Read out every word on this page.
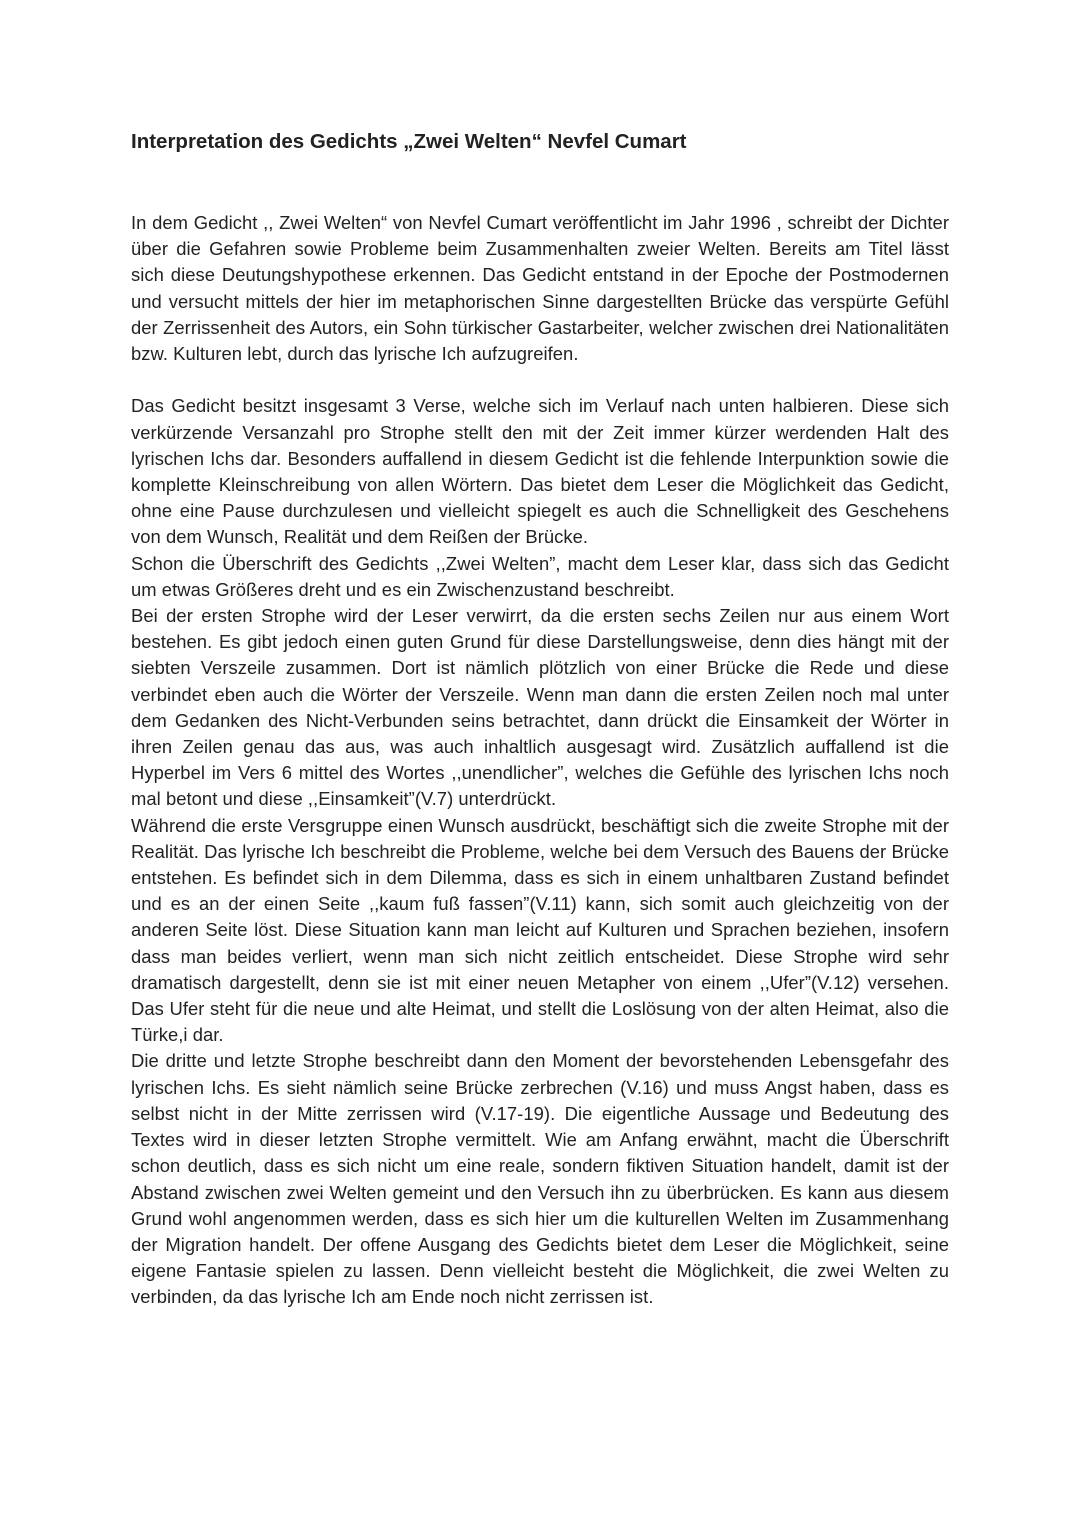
Interpretation des Gedichts „Zwei Welten“ Nevfel Cumart

In dem Gedicht ,, Zwei Welten“ von Nevfel Cumart veröffentlicht im Jahr 1996 , schreibt der Dichter über die Gefahren sowie Probleme beim Zusammenhalten zweier Welten. Bereits am Titel lässt sich diese Deutungshypothese erkennen. Das Gedicht entstand in der Epoche der Postmodernen und versucht mittels der hier im metaphorischen Sinne dargestellten Brücke das verspürte Gefühl der Zerrissenheit des Autors, ein Sohn türkischer Gastarbeiter, welcher zwischen drei Nationalitäten bzw. Kulturen lebt, durch das lyrische Ich aufzugreifen.

Das Gedicht besitzt insgesamt 3 Verse, welche sich im Verlauf nach unten halbieren. Diese sich verkürzende Versanzahl pro Strophe stellt den mit der Zeit immer kürzer werdenden Halt des lyrischen Ichs dar. Besonders auffallend in diesem Gedicht ist die fehlende Interpunktion sowie die komplette Kleinschreibung von allen Wörtern. Das bietet dem Leser die Möglichkeit das Gedicht, ohne eine Pause durchzulesen und vielleicht spiegelt es auch die Schnelligkeit des Geschehens von dem Wunsch, Realität und dem Reißen der Brücke.

Schon die Überschrift des Gedichts ,,Zwei Welten”, macht dem Leser klar, dass sich das Gedicht um etwas Größeres dreht und es ein Zwischenzustand beschreibt.

Bei der ersten Strophe wird der Leser verwirrt, da die ersten sechs Zeilen nur aus einem Wort bestehen. Es gibt jedoch einen guten Grund für diese Darstellungsweise, denn dies hängt mit der siebten Verszeile zusammen. Dort ist nämlich plötzlich von einer Brücke die Rede und diese verbindet eben auch die Wörter der Verszeile. Wenn man dann die ersten Zeilen noch mal unter dem Gedanken des Nicht-Verbunden seins betrachtet, dann drückt die Einsamkeit der Wörter in ihren Zeilen genau das aus, was auch inhaltlich ausgesagt wird. Zusätzlich auffallend ist die Hyperbel im Vers 6 mittel des Wortes ,,unendlicher”, welches die Gefühle des lyrischen Ichs noch mal betont und diese ,,Einsamkeit”(V.7) unterdrückt.

Während die erste Versgruppe einen Wunsch ausdrückt, beschäftigt sich die zweite Strophe mit der Realität. Das lyrische Ich beschreibt die Probleme, welche bei dem Versuch des Bauens der Brücke entstehen. Es befindet sich in dem Dilemma, dass es sich in einem unhaltbaren Zustand befindet und es an der einen Seite ,,kaum fuß fassen”(V.11) kann, sich somit auch gleichzeitig von der anderen Seite löst. Diese Situation kann man leicht auf Kulturen und Sprachen beziehen, insofern dass man beides verliert, wenn man sich nicht zeitlich entscheidet. Diese Strophe wird sehr dramatisch dargestellt, denn sie ist mit einer neuen Metapher von einem ,,Ufer”(V.12) versehen. Das Ufer steht für die neue und alte Heimat, und stellt die Loslösung von der alten Heimat, also die Türke,i dar.

Die dritte und letzte Strophe beschreibt dann den Moment der bevorstehenden Lebensgefahr des lyrischen Ichs. Es sieht nämlich seine Brücke zerbrechen (V.16) und muss Angst haben, dass es selbst nicht in der Mitte zerrissen wird (V.17-19). Die eigentliche Aussage und Bedeutung des Textes wird in dieser letzten Strophe vermittelt. Wie am Anfang erwähnt, macht die Überschrift schon deutlich, dass es sich nicht um eine reale, sondern fiktiven Situation handelt, damit ist der Abstand zwischen zwei Welten gemeint und den Versuch ihn zu überbrücken. Es kann aus diesem Grund wohl angenommen werden, dass es sich hier um die kulturellen Welten im Zusammenhang der Migration handelt. Der offene Ausgang des Gedichts bietet dem Leser die Möglichkeit, seine eigene Fantasie spielen zu lassen. Denn vielleicht besteht die Möglichkeit, die zwei Welten zu verbinden, da das lyrische Ich am Ende noch nicht zerrissen ist.
